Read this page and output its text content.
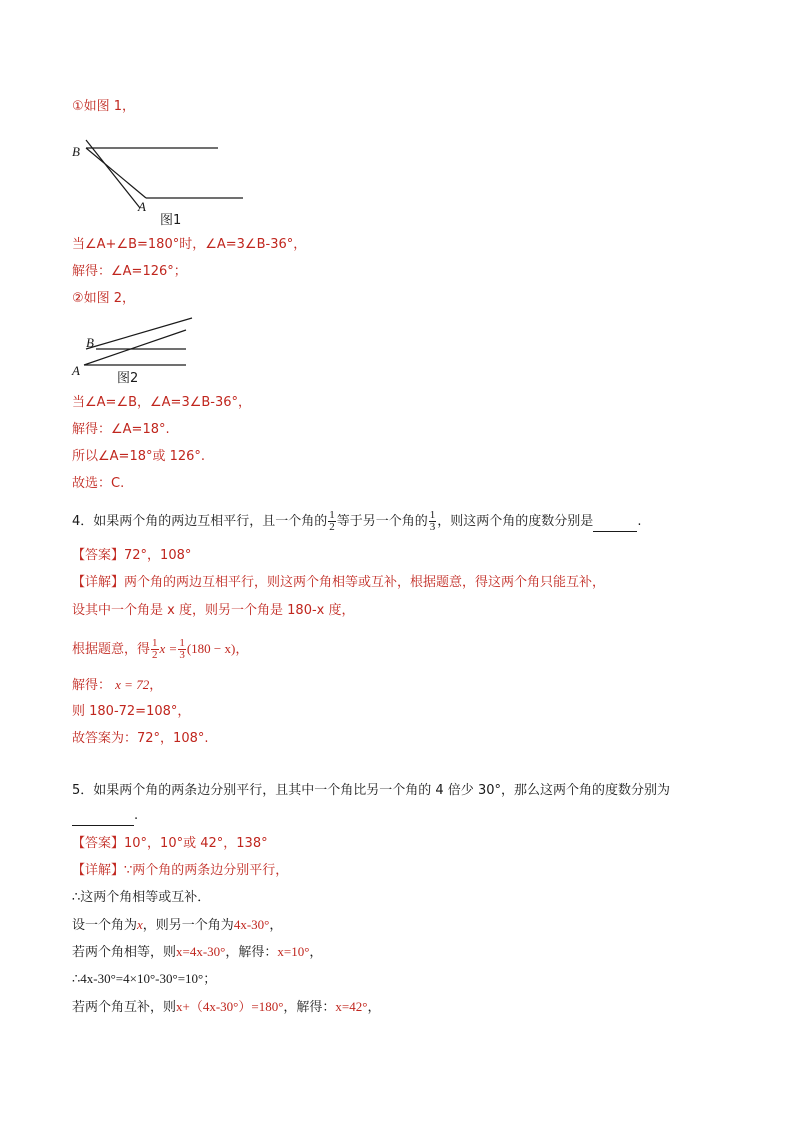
①如图 1，
B
A
图1
当∠A+∠B=180°时，∠A=3∠B-36°，
解得：∠A=126°；
②如图 2，
B
A
图2
当∠A=∠B，∠A=3∠B-36°，
解得：∠A=18°.
所以∠A=18°或 126°.
故选：C.
4．如果两个角的两边互相平行，且一个角的 $\frac{1}{2}$ 等于另一个角的 $\frac{1}{3}$ ，则这两个角的度数分别是	.
【答案】72°，108°
【详解】两个角的两边互相平行，则这两个角相等或互补，根据题意，得这两个角只能互补，
设其中一个角是 x 度，则另一个角是 180-x 度，
根据题意，得 $\frac{1}{2}$ $x = \frac{1}{3} (180 - x)$，
解得： x = 72，
则 180-72=108°，
故答案为：72°，108°.
5．如果两个角的两条边分别平行，且其中一个角比另一个角的 4 倍少 30°，那么这两个角的度数分别为
.
【答案】10°，10°或 42°，138°
【详解】∵两个角的两条边分别平行，
∴这两个角相等或互补．
设一个角为x，则另一个角为4x-30°，
若两个角相等，则x=4x-30°，解得：x=10°，
∴4x-30°=4×10°-30°=10°；
若两个角互补，则x+（4x-30°）=180°，解得：x=42°，
